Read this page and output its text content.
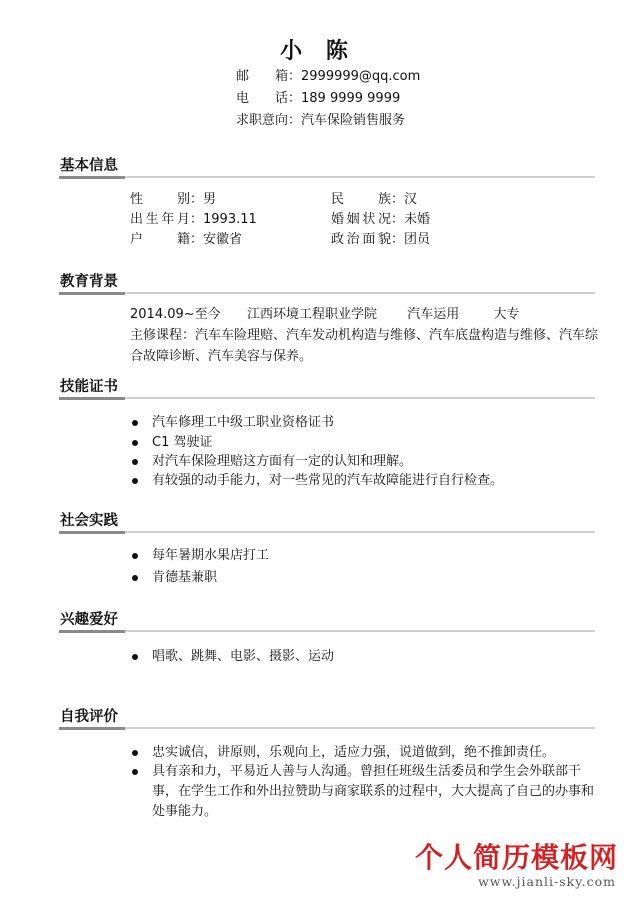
小 陈
邮箱：2999999@qq.com
电话：189 9999 9999
求职意向：汽车保险销售服务
基本信息
性别：男	民族：汉
出生年月：1993.11	婚姻状况：未婚
户籍：安徽省	政治面貌：团员
教育背景
2014.09~至今 江西环境工程职业学院 汽车运用	大专
主修课程：汽车车险理赔、汽车发动机构造与维修、汽车底盘构造与维修、汽车综合故障诊断、汽车美容与保养。
技能证书
汽车修理工中级工职业资格证书
C1 驾驶证
对汽车保险理赔这方面有一定的认知和理解。
有较强的动手能力，对一些常见的汽车故障能进行自行检查。
社会实践
每年暑期水果店打工
肯德基兼职
兴趣爱好
唱歌、跳舞、电影、摄影、运动
自我评价
忠实诚信，讲原则，乐观向上，适应力强，说道做到，绝不推卸责任。
具有亲和力，平易近人善与人沟通。曾担任班级生活委员和学生会外联部干事，在学生工作和外出拉赞助与商家联系的过程中，大大提高了自己的办事和处事能力。
个人简历模板网
www.jianli-sky.com
